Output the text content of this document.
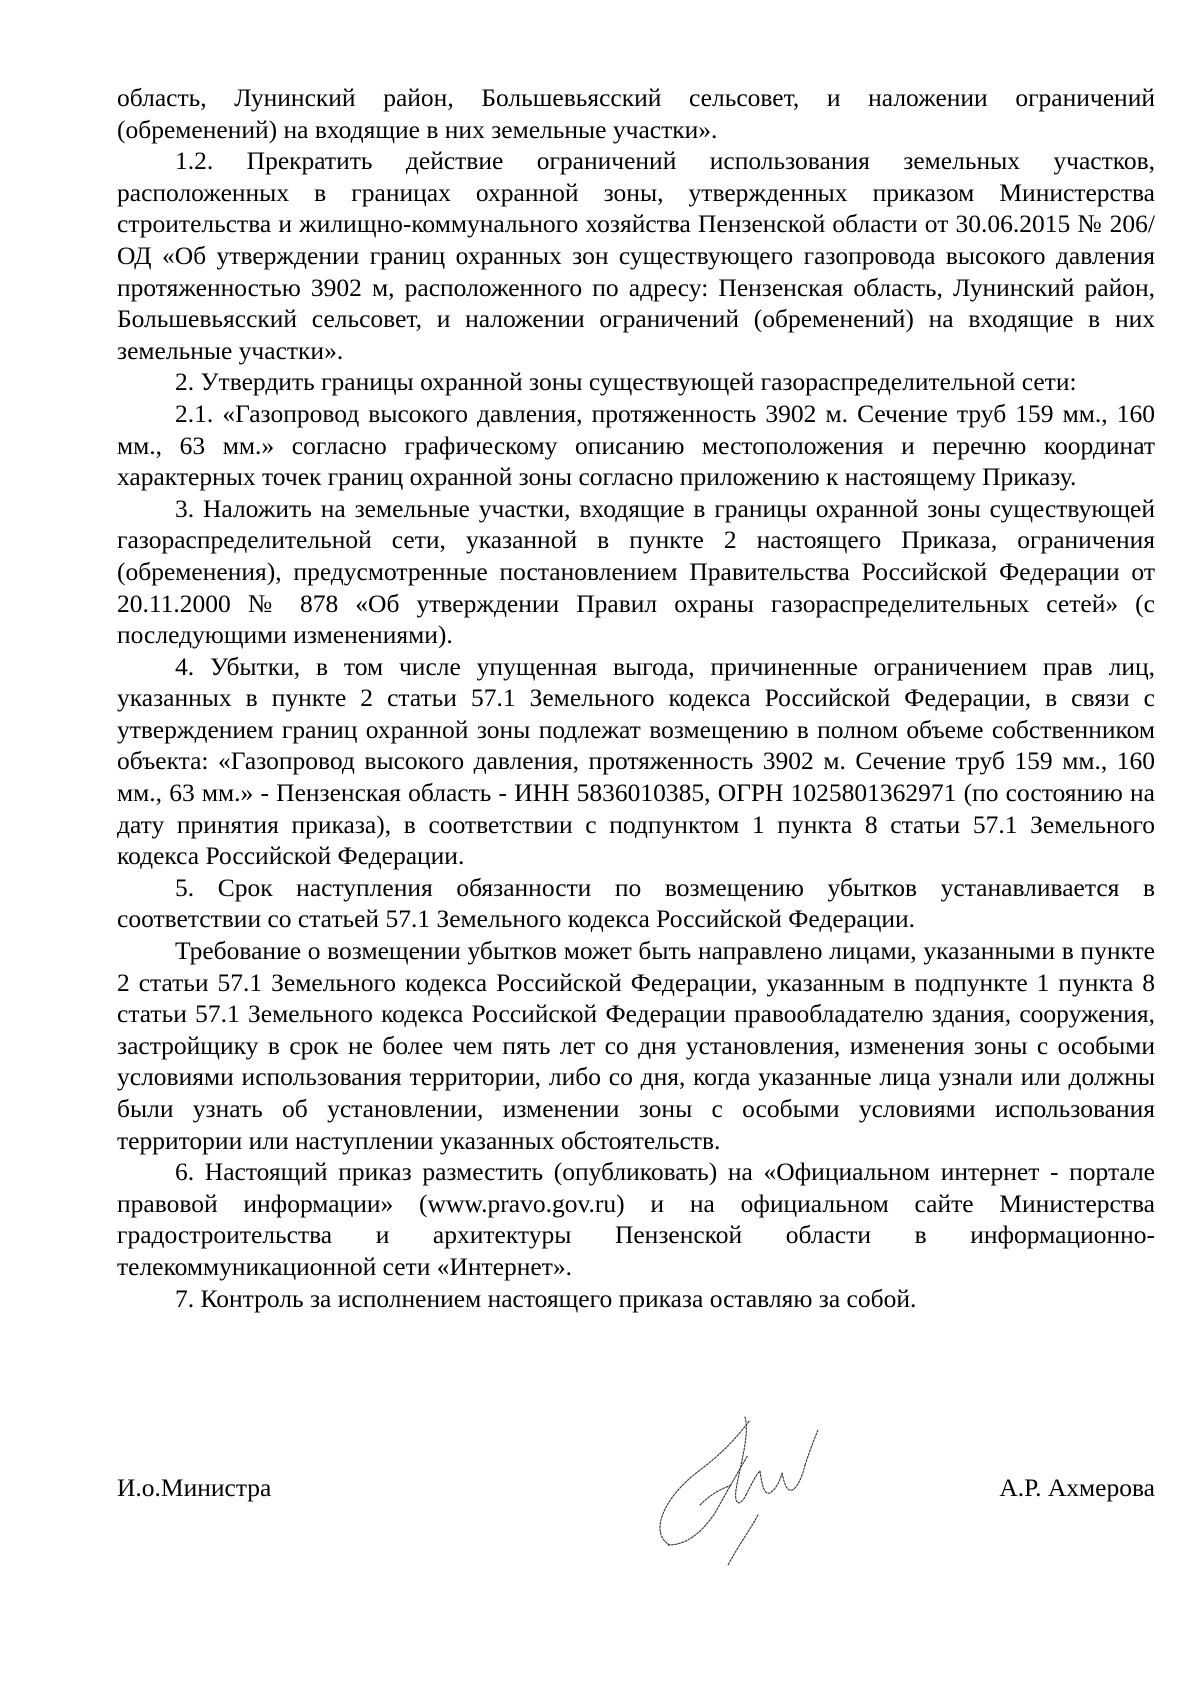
область, Лунинский район, Большевьясский сельсовет, и наложении ограничений (обременений) на входящие в них земельные участки».

1.2. Прекратить действие ограничений использования земельных участков, расположенных в границах охранной зоны, утвержденных приказом Министерства строительства и жилищно-коммунального хозяйства Пензенской области от 30.06.2015 № 206/ОД «Об утверждении границ охранных зон существующего газопровода высокого давления протяженностью 3902 м, расположенного по адресу: Пензенская область, Лунинский район, Большевьясский сельсовет, и наложении ограничений (обременений) на входящие в них земельные участки».

2. Утвердить границы охранной зоны существующей газораспределительной сети:

2.1. «Газопровод высокого давления, протяженность 3902 м. Сечение труб 159 мм., 160 мм., 63 мм.» согласно графическому описанию местоположения и перечню координат характерных точек границ охранной зоны согласно приложению к настоящему Приказу.

3. Наложить на земельные участки, входящие в границы охранной зоны существующей газораспределительной сети, указанной в пункте 2 настоящего Приказа, ограничения (обременения), предусмотренные постановлением Правительства Российской Федерации от 20.11.2000 № 878 «Об утверждении Правил охраны газораспределительных сетей» (с последующими изменениями).

4. Убытки, в том числе упущенная выгода, причиненные ограничением прав лиц, указанных в пункте 2 статьи 57.1 Земельного кодекса Российской Федерации, в связи с утверждением границ охранной зоны подлежат возмещению в полном объеме собственником объекта: «Газопровод высокого давления, протяженность 3902 м. Сечение труб 159 мм., 160 мм., 63 мм.» - Пензенская область - ИНН 5836010385, ОГРН 1025801362971 (по состоянию на дату принятия приказа), в соответствии с подпунктом 1 пункта 8 статьи 57.1 Земельного кодекса Российской Федерации.

5. Срок наступления обязанности по возмещению убытков устанавливается в соответствии со статьей 57.1 Земельного кодекса Российской Федерации.

Требование о возмещении убытков может быть направлено лицами, указанными в пункте 2 статьи 57.1 Земельного кодекса Российской Федерации, указанным в подпункте 1 пункта 8 статьи 57.1 Земельного кодекса Российской Федерации правообладателю здания, сооружения, застройщику в срок не более чем пять лет со дня установления, изменения зоны с особыми условиями использования территории, либо со дня, когда указанные лица узнали или должны были узнать об установлении, изменении зоны с особыми условиями использования территории или наступлении указанных обстоятельств.

6. Настоящий приказ разместить (опубликовать) на «Официальном интернет - портале правовой информации» (www.pravo.gov.ru) и на официальном сайте Министерства градостроительства и архитектуры Пензенской области в информационно-телекоммуникационной сети «Интернет».

7. Контроль за исполнением настоящего приказа оставляю за собой.

И.о.Министра	А.Р. Ахмерова
